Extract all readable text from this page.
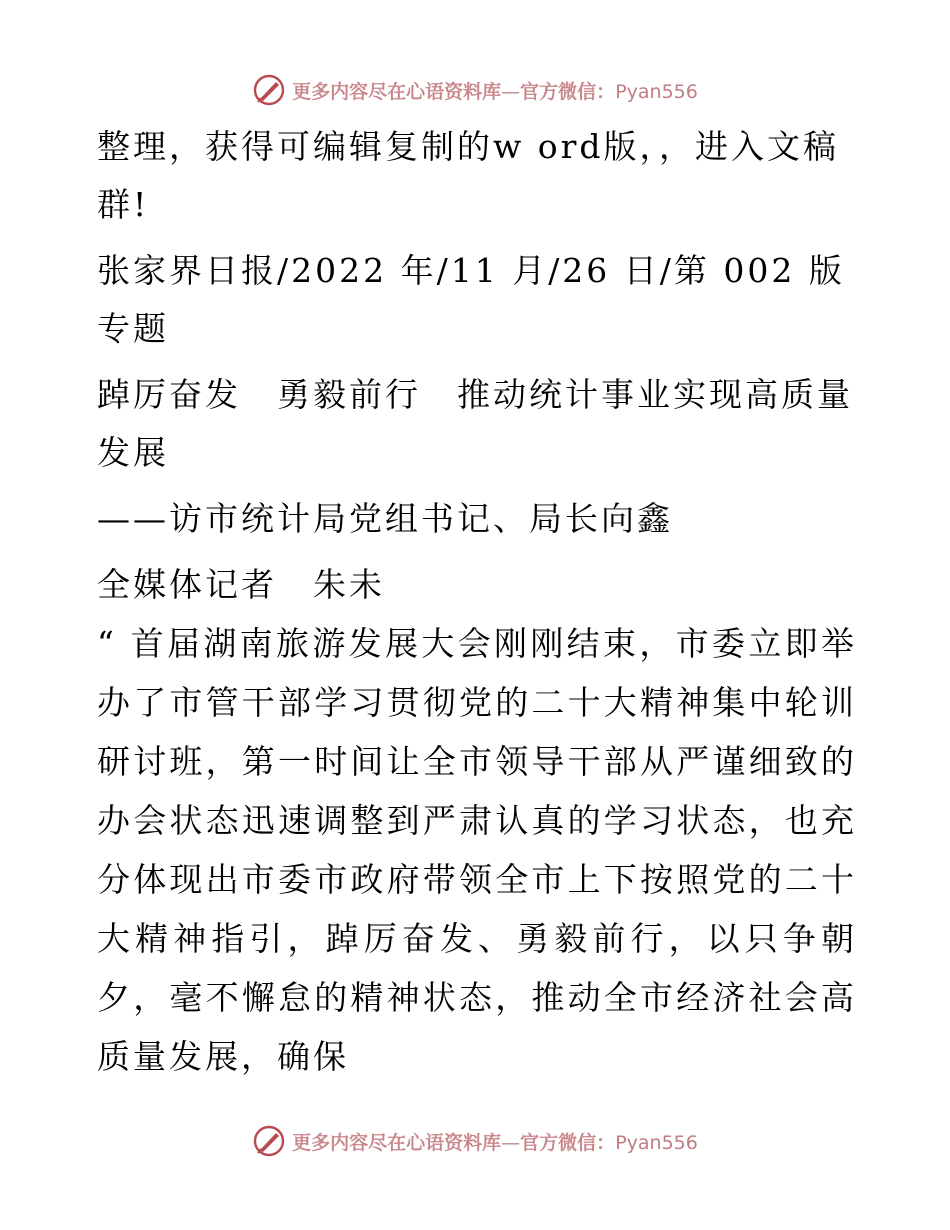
更多内容尽在心语资料库—官方微信：Pyan556

整理，获得可编辑复制的w ord版，，进入文稿群!

张家界日报/2022 年/11 月/26 日/第 002 版专题

踔厉奋发　勇毅前行　推动统计事业实现高质量发展

——访市统计局党组书记、局长向鑫

全媒体记者　朱未

“ 首届湖南旅游发展大会刚刚结束，市委立即举办了市管干部学习贯彻党的二十大精神集中轮训研讨班，第一时间让全市领导干部从严谨细致的办会状态迅速调整到严肃认真的学习状态，也充分体现出市委市政府带领全市上下按照党的二十大精神指引，踔厉奋发、勇毅前行，以只争朝夕，毫不懈怠的精神状态，推动全市经济社会高质量发展，确保

更多内容尽在心语资料库—官方微信：Pyan556
